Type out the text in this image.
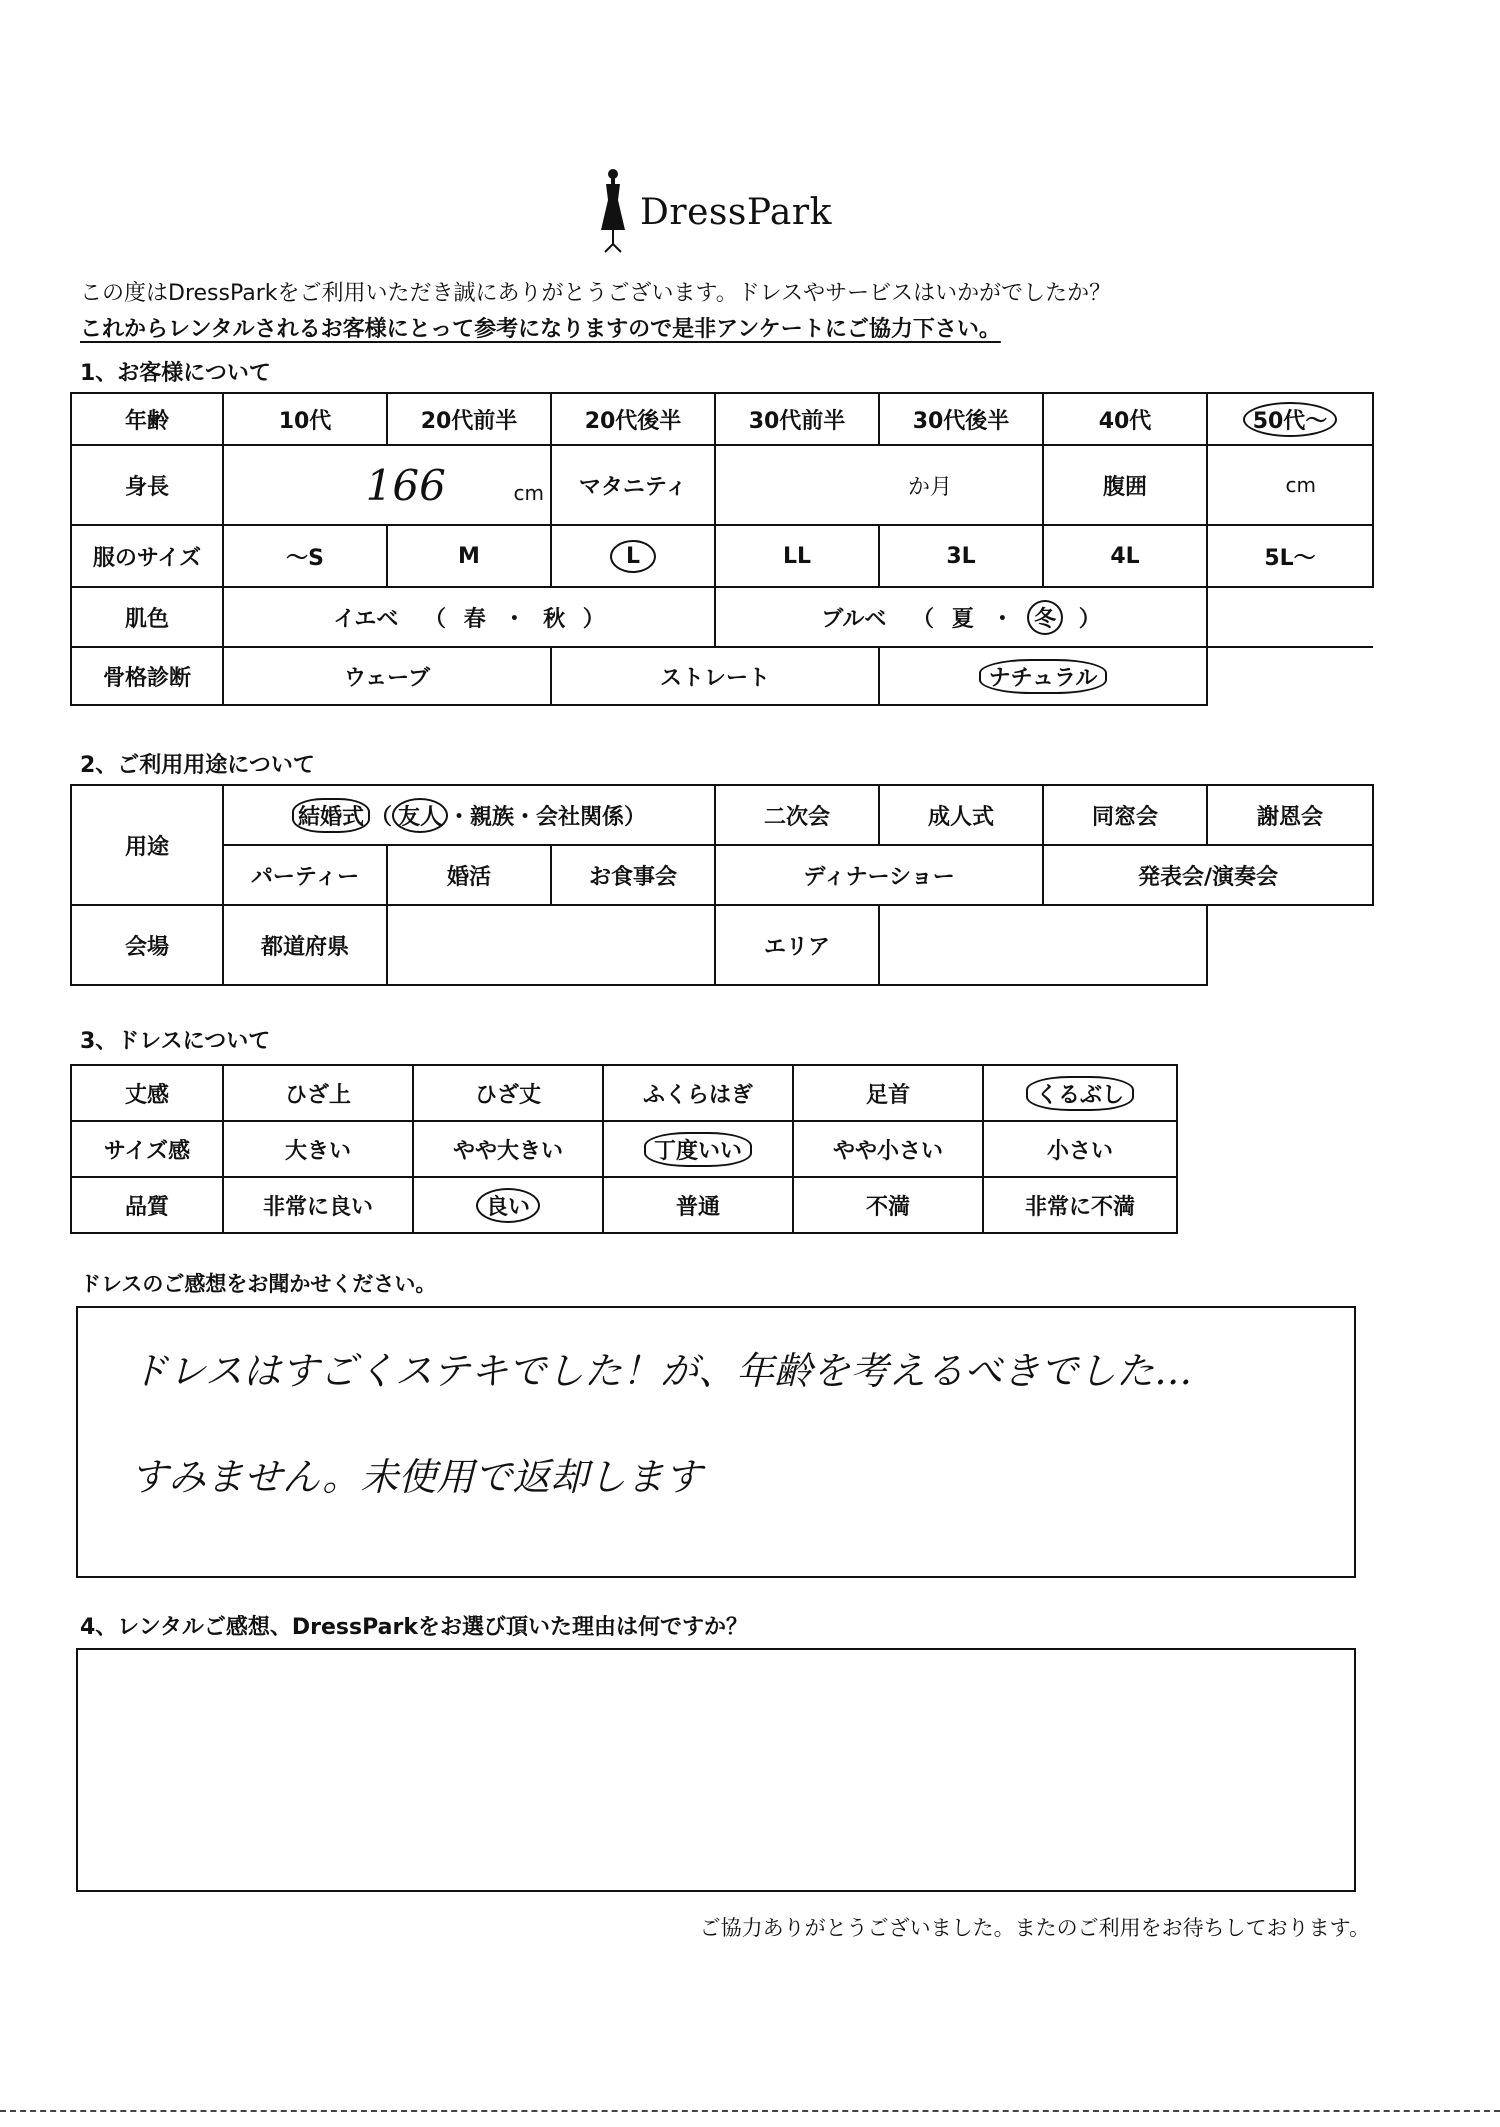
DressPark
この度はDressParkをご利用いただき誠にありがとうございます。ドレスやサービスはいかがでしたか？
これからレンタルされるお客様にとって参考になりますので是非アンケートにご協力下さい。
1、お客様について
年齢	10代	20代前半	20代後半	30代前半	30代後半	40代	50代～
身長	166 cm		マタニティ	か月		腹囲	cm
服のサイズ	～S	M	L	LL	3L	4L	5L～
肌色	イエベ （ 春 ・ 秋 ）			ブルベ （ 夏 ・ 冬 ）			
骨格診断	ウェーブ		ストレート		ナチュラル		
2、ご利用用途について
用途	結婚式 （ 友人 ・親族・会社関係）			二次会	成人式	同窓会	謝恩会
	パーティー	婚活	お食事会	ディナーショー		発表会/演奏会	
会場	都道府県			エリア			
3、ドレスについて
丈感	ひざ上	ひざ丈	ふくらはぎ	足首	くるぶし
サイズ感	大きい	やや大きい	丁度いい	やや小さい	小さい
品質	非常に良い	良い	普通	不満	非常に不満
ドレスのご感想をお聞かせください。
ドレスはすごくステキでした！が、年齢を考えるべきでした…
すみません。未使用で返却します
4、レンタルご感想、DressParkをお選び頂いた理由は何ですか？
ご協力ありがとうございました。またのご利用をお待ちしております。
